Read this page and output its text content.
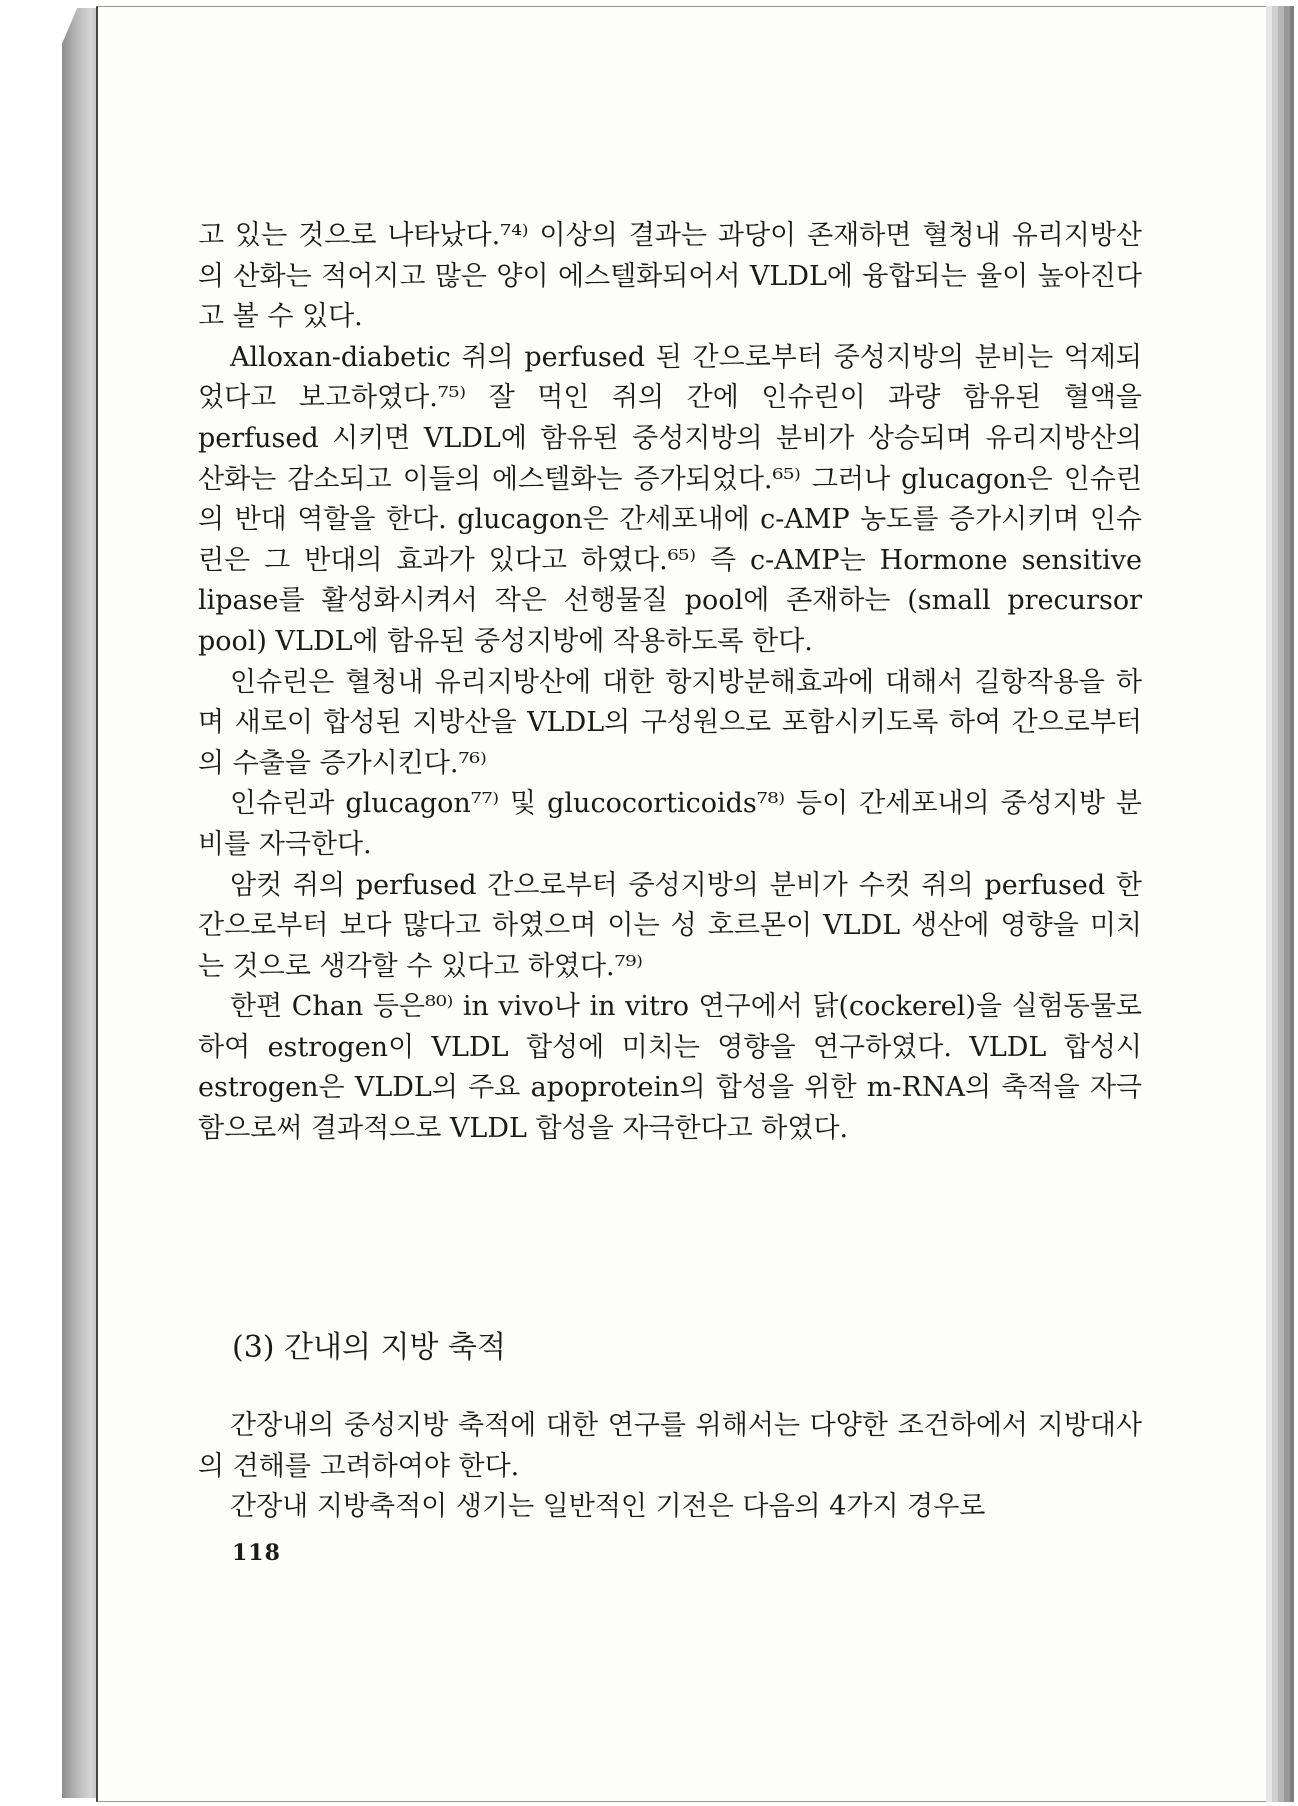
고 있는 것으로 나타났다.⁷⁴⁾ 이상의 결과는 과당이 존재하면 혈청내 유리지방산의 산화는 적어지고 많은 양이 에스텔화되어서 VLDL에 융합되는 율이 높아진다고 볼 수 있다.

Alloxan-diabetic 쥐의 perfused 된 간으로부터 중성지방의 분비는 억제되었다고 보고하였다.⁷⁵⁾ 잘 먹인 쥐의 간에 인슈린이 과량 함유된 혈액을 perfused 시키면 VLDL에 함유된 중성지방의 분비가 상승되며 유리지방산의 산화는 감소되고 이들의 에스텔화는 증가되었다.⁶⁵⁾ 그러나 glucagon은 인슈린의 반대 역할을 한다. glucagon은 간세포내에 c-AMP 농도를 증가시키며 인슈린은 그 반대의 효과가 있다고 하였다.⁶⁵⁾ 즉 c-AMP는 Hormone sensitive lipase를 활성화시켜서 작은 선행물질 pool에 존재하는 (small precursor pool) VLDL에 함유된 중성지방에 작용하도록 한다.

인슈린은 혈청내 유리지방산에 대한 항지방분해효과에 대해서 길항작용을 하며 새로이 합성된 지방산을 VLDL의 구성원으로 포함시키도록 하여 간으로부터의 수출을 증가시킨다.⁷⁶⁾

인슈린과 glucagon⁷⁷⁾ 및 glucocorticoids⁷⁸⁾ 등이 간세포내의 중성지방 분비를 자극한다.

암컷 쥐의 perfused 간으로부터 중성지방의 분비가 수컷 쥐의 perfused 한 간으로부터 보다 많다고 하였으며 이는 성 호르몬이 VLDL 생산에 영향을 미치는 것으로 생각할 수 있다고 하였다.⁷⁹⁾

한편 Chan 등은⁸⁰⁾ in vivo나 in vitro 연구에서 닭(cockerel)을 실험동물로 하여 estrogen이 VLDL 합성에 미치는 영향을 연구하였다. VLDL 합성시 estrogen은 VLDL의 주요 apoprotein의 합성을 위한 m-RNA의 축적을 자극함으로써 결과적으로 VLDL 합성을 자극한다고 하였다.

(3) 간내의 지방 축적

간장내의 중성지방 축적에 대한 연구를 위해서는 다양한 조건하에서 지방대사의 견해를 고려하여야 한다.

간장내 지방축적이 생기는 일반적인 기전은 다음의 4가지 경우로

118
